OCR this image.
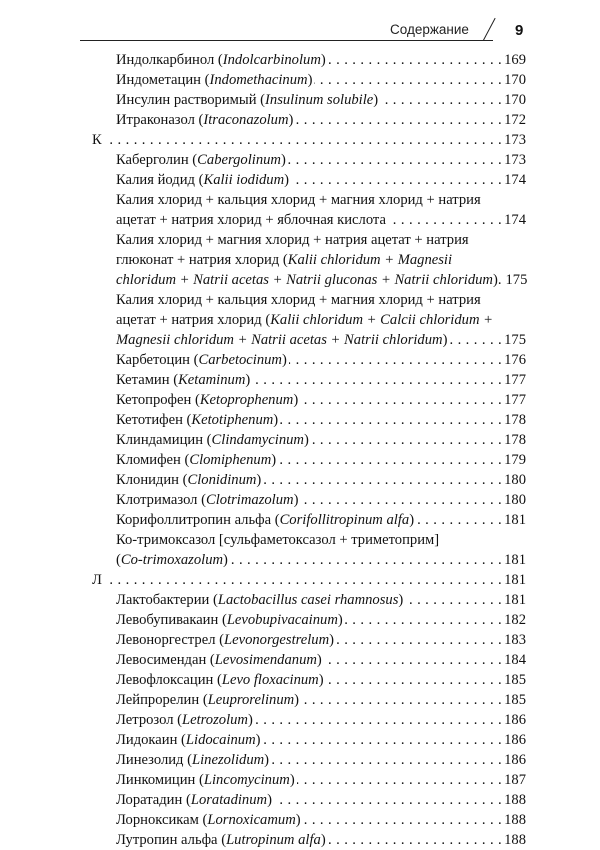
Содержание	9
Индолкарбинол (Indolcarbinolum) . . .	169
Индометацин (Indomethacinum) . . .	170
Инсулин растворимый (Insulinum solubile) . . .	170
Итраконазол (Itraconazolum) . . .	172
К . . .	173
Каберголин (Cabergolinum) . . .	173
Калия йодид (Kalii iodidum) . . .	174
Калия хлорид + кальция хлорид + магния хлорид + натрия
ацетат + натрия хлорид + яблочная кислота . . .	174
Калия хлорид + магния хлорид + натрия ацетат + натрия
глюконат + натрия хлорид (Kalii chloridum + Magnesii
chloridum + Natrii acetas + Natrii gluconas + Natrii chloridum). 175
Калия хлорид + кальция хлорид + магния хлорид + натрия
ацетат + натрия хлорид (Kalii chloridum + Calcii chloridum +
Magnesii chloridum + Natrii acetas + Natrii chloridum) . . .	175
Карбетоцин (Carbetocinum) . . .	176
Кетамин (Ketaminum) . . .	177
Кетопрофен (Ketoprophenum) . . .	177
Кетотифен (Ketotiphenum) . . .	178
Клиндамицин (Clindamycinum) . . .	178
Кломифен (Clomiphenum) . . .	179
Клонидин (Clonidinum) . . .	180
Клотримазол (Clotrimazolum) . . .	180
Корифоллитропин альфа (Corifollitropinum alfa) . . .	181
Ко-тримоксазол [сульфаметоксазол + триметоприм]
(Co-trimoxazolum) . . .	181
Л . . .	181
Лактобактерии (Lactobacillus casei rhamnosus) . . .	181
Левобупивакаин (Levobupivacainum) . . .	182
Левоноргестрел (Levonorgestrelum) . . .	183
Левосимендан (Levosimendanum) . . .	184
Левофлоксацин (Levo floxacinum) . . .	185
Лейпрорелин (Leuprorelinum) . . .	185
Летрозол (Letrozolum) . . .	186
Лидокаин (Lidocainum) . . .	186
Линезолид (Linezolidum) . . .	186
Линкомицин (Lincomycinum) . . .	187
Лоратадин (Loratadinum) . . .	188
Лорноксикам (Lornoxicamum) . . .	188
Лутропин альфа (Lutropinum alfa) . . .	188
